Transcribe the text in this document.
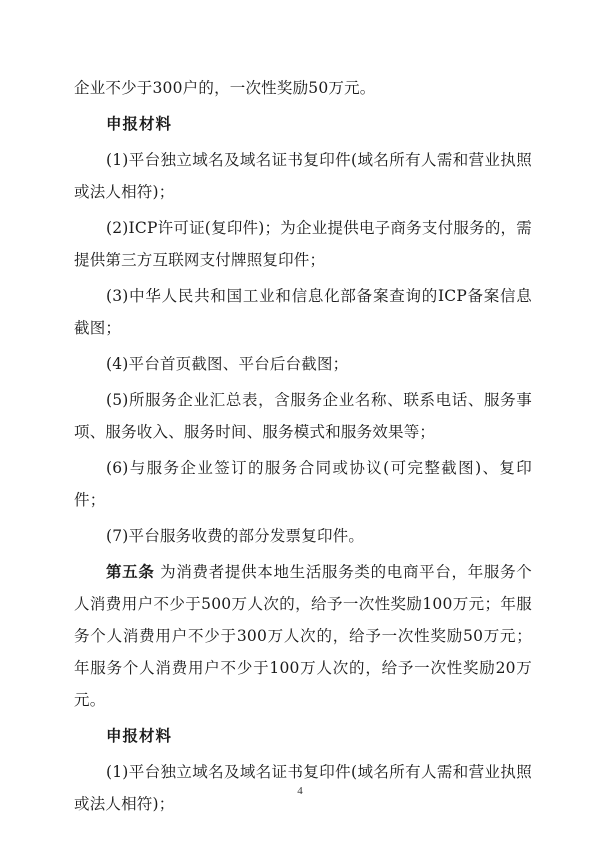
企业不少于300户的，一次性奖励50万元。

申报材料

(1)平台独立域名及域名证书复印件(域名所有人需和营业执照或法人相符)；

(2)ICP许可证(复印件)；为企业提供电子商务支付服务的，需提供第三方互联网支付牌照复印件；

(3)中华人民共和国工业和信息化部备案查询的ICP备案信息截图；

(4)平台首页截图、平台后台截图；

(5)所服务企业汇总表，含服务企业名称、联系电话、服务事项、服务收入、服务时间、服务模式和服务效果等；

(6)与服务企业签订的服务合同或协议(可完整截图)、复印件；

(7)平台服务收费的部分发票复印件。

第五条 为消费者提供本地生活服务类的电商平台，年服务个人消费用户不少于500万人次的，给予一次性奖励100万元；年服务个人消费用户不少于300万人次的，给予一次性奖励50万元；年服务个人消费用户不少于100万人次的，给予一次性奖励20万元。

申报材料

(1)平台独立域名及域名证书复印件(域名所有人需和营业执照或法人相符)；

4
